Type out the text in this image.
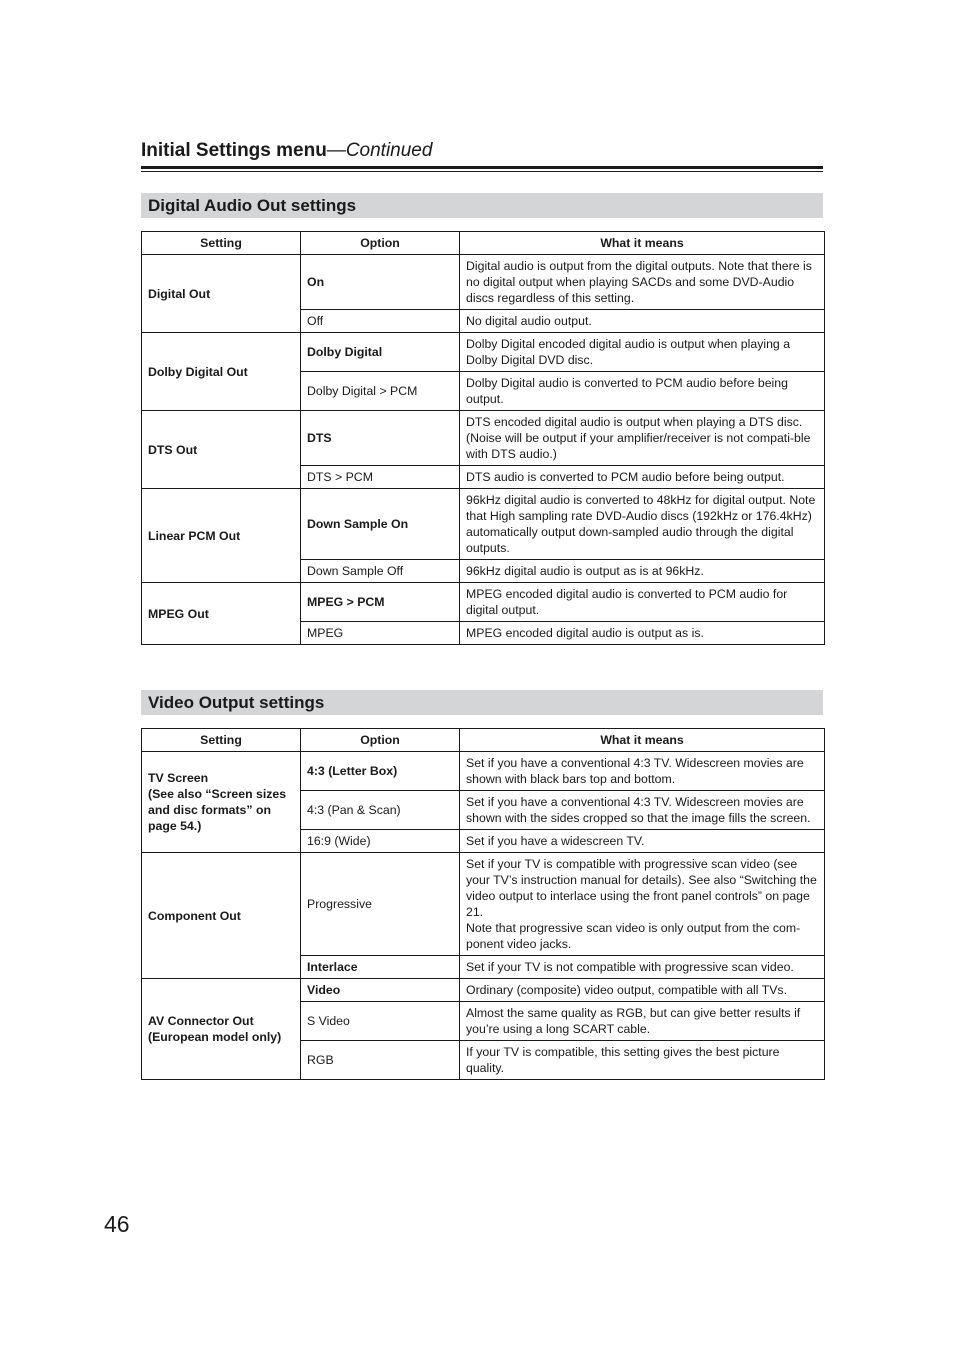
Initial Settings menu—Continued
Digital Audio Out settings
Setting	Option	What it means
Digital Out	On	Digital audio is output from the digital outputs. Note that there is no digital output when playing SACDs and some DVD-Audio discs regardless of this setting.
	Off	No digital audio output.
Dolby Digital Out	Dolby Digital	Dolby Digital encoded digital audio is output when playing a Dolby Digital DVD disc.
	Dolby Digital > PCM	Dolby Digital audio is converted to PCM audio before being output.
DTS Out	DTS	DTS encoded digital audio is output when playing a DTS disc. (Noise will be output if your amplifier/receiver is not compati-ble with DTS audio.)
	DTS > PCM	DTS audio is converted to PCM audio before being output.
Linear PCM Out	Down Sample On	96kHz digital audio is converted to 48kHz for digital output. Note that High sampling rate DVD-Audio discs (192kHz or 176.4kHz) automatically output down-sampled audio through the digital outputs.
	Down Sample Off	96kHz digital audio is output as is at 96kHz.
MPEG Out	MPEG > PCM	MPEG encoded digital audio is converted to PCM audio for digital output.
	MPEG	MPEG encoded digital audio is output as is.
Video Output settings
Setting	Option	What it means
TV Screen
(See also “Screen sizes and disc formats” on page 54.)	4:3 (Letter Box)	Set if you have a conventional 4:3 TV. Widescreen movies are shown with black bars top and bottom.
	4:3 (Pan & Scan)	Set if you have a conventional 4:3 TV. Widescreen movies are shown with the sides cropped so that the image fills the screen.
	16:9 (Wide)	Set if you have a widescreen TV.
Component Out	Progressive	Set if your TV is compatible with progressive scan video (see your TV’s instruction manual for details). See also “Switching the video output to interlace using the front panel controls” on page 21.
Note that progressive scan video is only output from the com-ponent video jacks.
	Interlace	Set if your TV is not compatible with progressive scan video.
AV Connector Out
(European model only)	Video	Ordinary (composite) video output, compatible with all TVs.
	S Video	Almost the same quality as RGB, but can give better results if you’re using a long SCART cable.
	RGB	If your TV is compatible, this setting gives the best picture quality.
46
